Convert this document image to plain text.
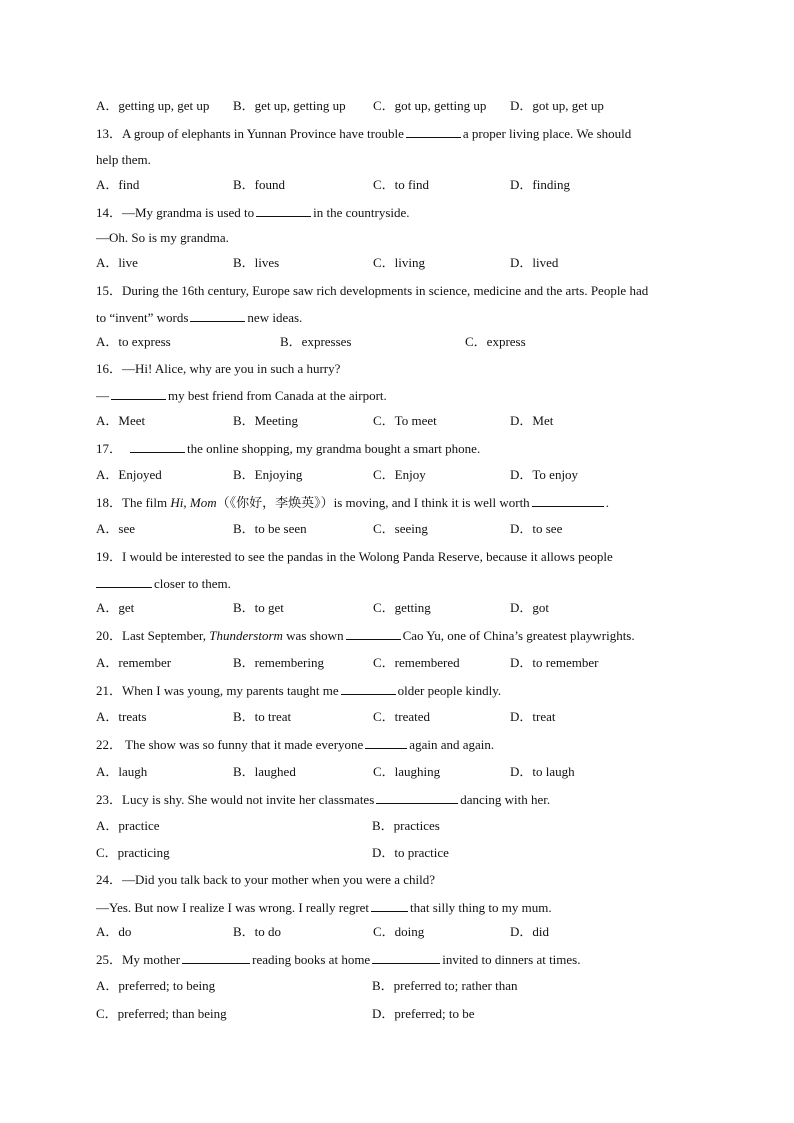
A．getting up, get up B．get up, getting up C．got up, getting up D．got up, get up
13．A group of elephants in Yunnan Province have trouble	a proper living place. We should
help them.
A．find	B．found	C．to find	D．finding
14．—My grandma is used to	in the countryside.
—Oh. So is my grandma.
A．live	B．lives	C．living	D．lived
15．During the 16th century, Europe saw rich developments in science, medicine and the arts. People had
to “invent” words	new ideas.
A．to express	B．expresses	C．express
16．—Hi! Alice, why are you in such a hurry?
—	my best friend from Canada at the airport.
A．Meet	B．Meeting	C．To meet	D．Met
17．	the online shopping, my grandma bought a smart phone.
A．Enjoyed	B．Enjoying	C．Enjoy	D．To enjoy
18．The film Hi, Mom（《你好，李焕英》）is moving, and I think it is well worth	.
A．see	B．to be seen	C．seeing	D．to see
19．I would be interested to see the pandas in the Wolong Panda Reserve, because it allows people
closer to them.
A．get	B．to get	C．getting	D．got
20．Last September, Thunderstorm was shown	Cao Yu, one of China’s greatest playwrights.
A．remember	B．remembering	C．remembered	D．to remember
21．When I was young, my parents taught me	older people kindly.
A．treats	B．to treat	C．treated	D．treat
22． The show was so funny that it made everyone	again and again.
A．laugh	B．laughed	C．laughing	D．to laugh
23．Lucy is shy. She would not invite her classmates	dancing with her.
A．practice	B．practices
C．practicing	D．to practice
24．—Did you talk back to your mother when you were a child?
—Yes. But now I realize I was wrong. I really regret	that silly thing to my mum.
A．do	B．to do	C．doing	D．did
25．My mother	reading books at home	invited to dinners at times.
A．preferred; to being	B．preferred to; rather than
C．preferred; than being	D．preferred; to be
